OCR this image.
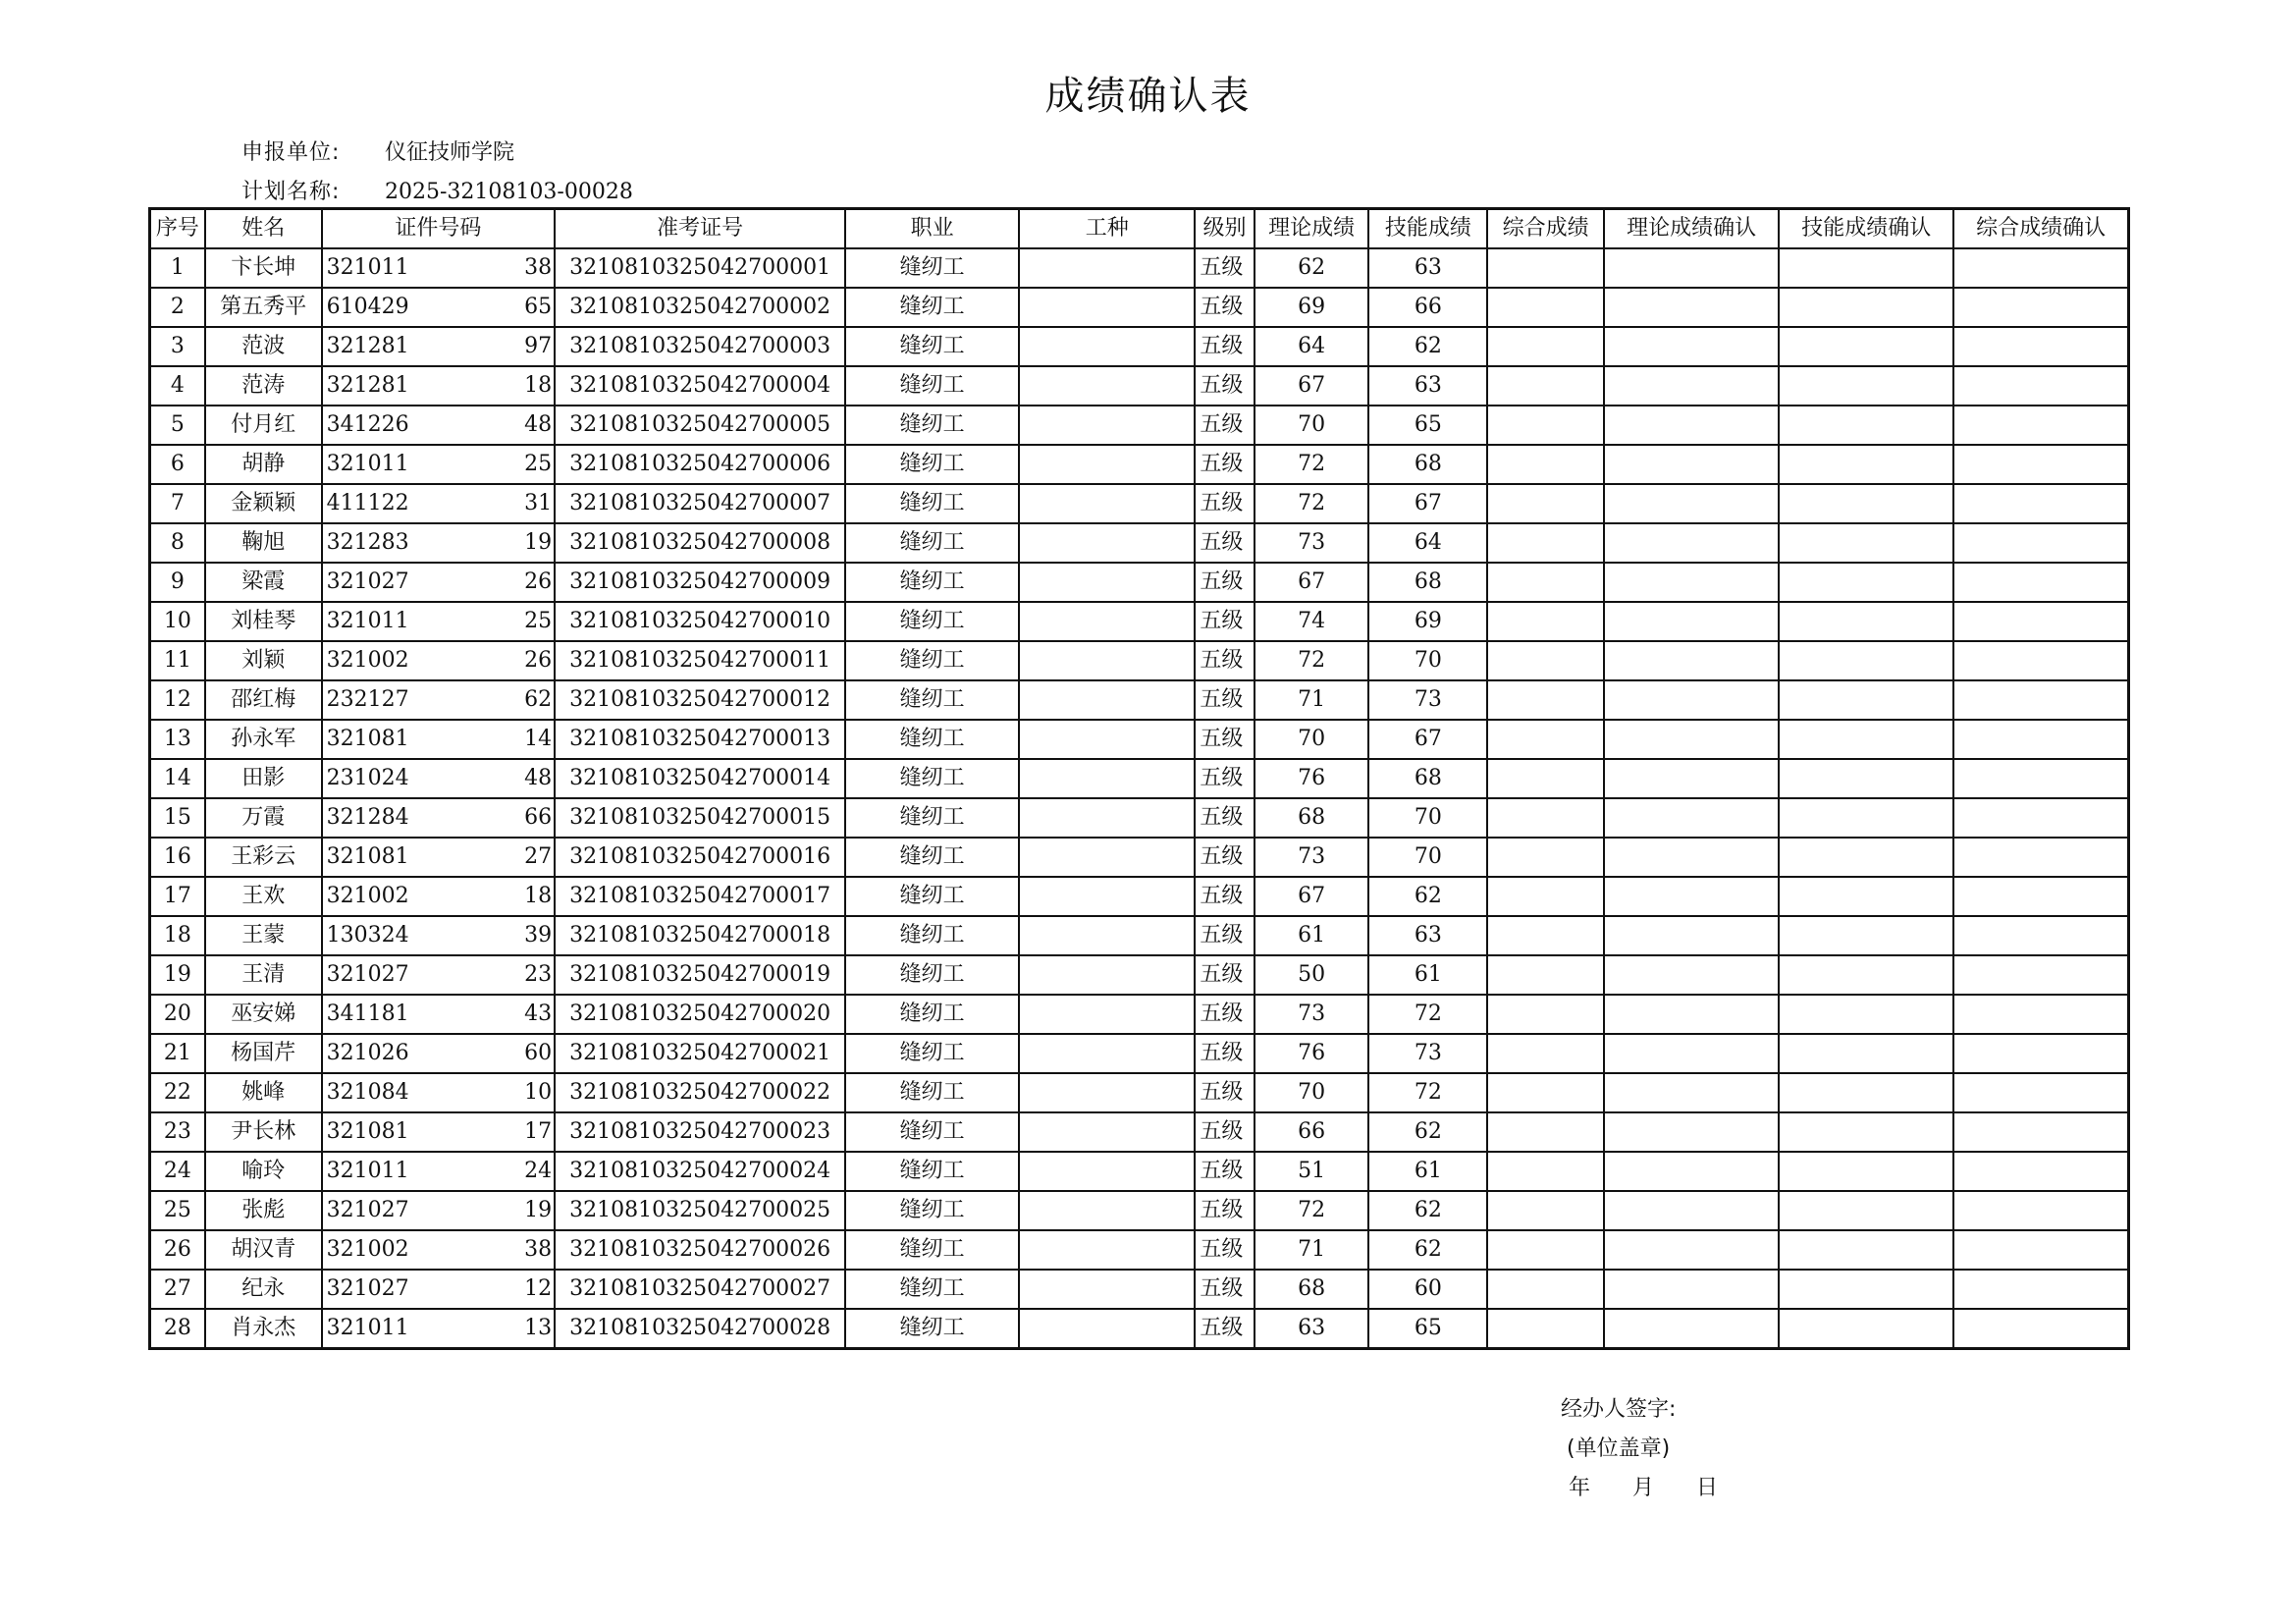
成绩确认表
申报单位: 仪征技师学院
计划名称: 2025-32108103-00028
序号	姓名	证件号码	准考证号	职业	工种	级别	理论成绩	技能成绩	综合成绩	理论成绩确认	技能成绩确认	综合成绩确认
1	卞长坤	321011 38	3210810325042700001	缝纫工		五级	62	63				
2	第五秀平	610429 65	3210810325042700002	缝纫工		五级	69	66				
3	范波	321281 97	3210810325042700003	缝纫工		五级	64	62				
4	范涛	321281 18	3210810325042700004	缝纫工		五级	67	63				
5	付月红	341226 48	3210810325042700005	缝纫工		五级	70	65				
6	胡静	321011 25	3210810325042700006	缝纫工		五级	72	68				
7	金颖颖	411122 31	3210810325042700007	缝纫工		五级	72	67				
8	鞠旭	321283 19	3210810325042700008	缝纫工		五级	73	64				
9	梁霞	321027 26	3210810325042700009	缝纫工		五级	67	68				
10	刘桂琴	321011 25	3210810325042700010	缝纫工		五级	74	69				
11	刘颖	321002 26	3210810325042700011	缝纫工		五级	72	70				
12	邵红梅	232127 62	3210810325042700012	缝纫工		五级	71	73				
13	孙永军	321081 14	3210810325042700013	缝纫工		五级	70	67				
14	田影	231024 48	3210810325042700014	缝纫工		五级	76	68				
15	万霞	321284 66	3210810325042700015	缝纫工		五级	68	70				
16	王彩云	321081 27	3210810325042700016	缝纫工		五级	73	70				
17	王欢	321002 18	3210810325042700017	缝纫工		五级	67	62				
18	王蒙	130324 39	3210810325042700018	缝纫工		五级	61	63				
19	王清	321027 23	3210810325042700019	缝纫工		五级	50	61				
20	巫安娣	341181 43	3210810325042700020	缝纫工		五级	73	72				
21	杨国芹	321026 60	3210810325042700021	缝纫工		五级	76	73				
22	姚峰	321084 10	3210810325042700022	缝纫工		五级	70	72				
23	尹长林	321081 17	3210810325042700023	缝纫工		五级	66	62				
24	喻玲	321011 24	3210810325042700024	缝纫工		五级	51	61				
25	张彪	321027 19	3210810325042700025	缝纫工		五级	72	62				
26	胡汉青	321002 38	3210810325042700026	缝纫工		五级	71	62				
27	纪永	321027 12	3210810325042700027	缝纫工		五级	68	60				
28	肖永杰	321011 13	3210810325042700028	缝纫工		五级	63	65				
经办人签字:
(单位盖章)
年 月 日
